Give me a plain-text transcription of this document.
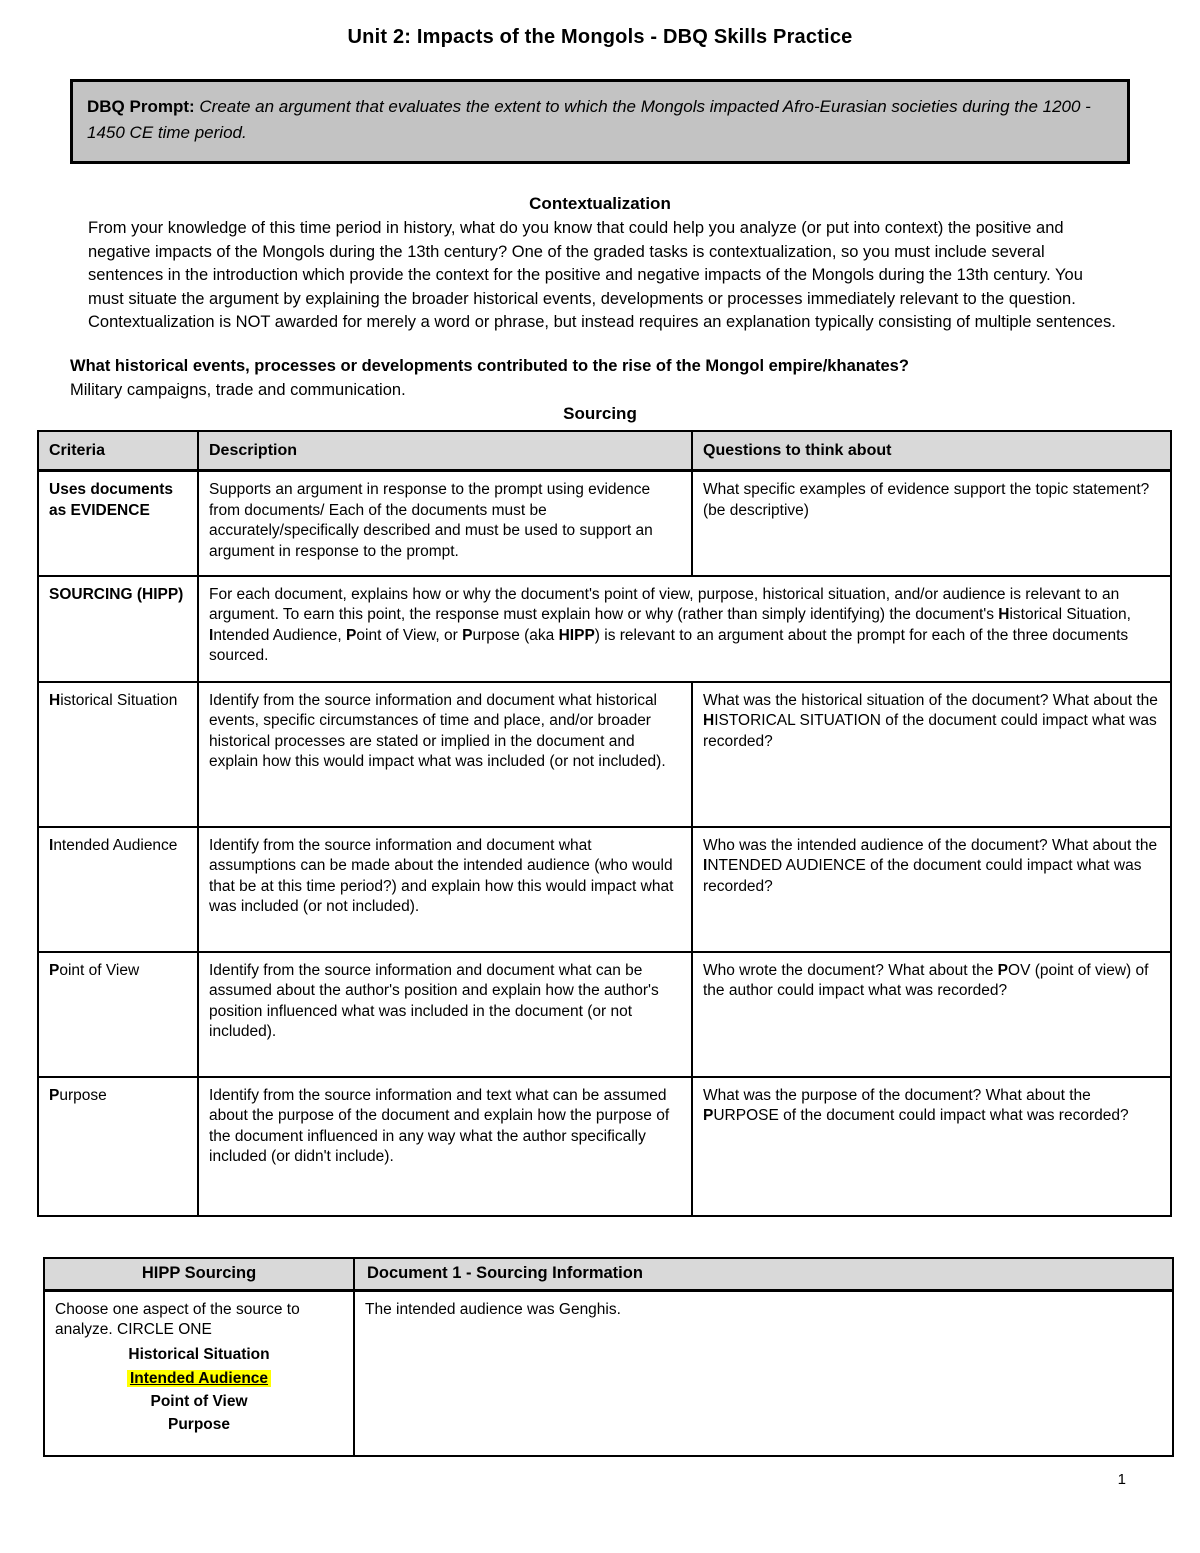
Unit 2: Impacts of the Mongols - DBQ Skills Practice
DBQ Prompt: Create an argument that evaluates the extent to which the Mongols impacted Afro-Eurasian societies during the 1200 - 1450 CE time period.
Contextualization
From your knowledge of this time period in history, what do you know that could help you analyze (or put into context) the positive and negative impacts of the Mongols during the 13th century? One of the graded tasks is contextualization, so you must include several sentences in the introduction which provide the context for the positive and negative impacts of the Mongols during the 13th century. You must situate the argument by explaining the broader historical events, developments or processes immediately relevant to the question. Contextualization is NOT awarded for merely a word or phrase, but instead requires an explanation typically consisting of multiple sentences.
What historical events, processes or developments contributed to the rise of the Mongol empire/khanates?
Military campaigns, trade and communication.
Sourcing
Criteria	Description	Questions to think about
Uses documents as EVIDENCE	Supports an argument in response to the prompt using evidence from documents/ Each of the documents must be accurately/specifically described and must be used to support an argument in response to the prompt.	What specific examples of evidence support the topic statement? (be descriptive)
SOURCING (HIPP)	For each document, explains how or why the document's point of view, purpose, historical situation, and/or audience is relevant to an argument. To earn this point, the response must explain how or why (rather than simply identifying) the document's Historical Situation, Intended Audience, Point of View, or Purpose (aka HIPP) is relevant to an argument about the prompt for each of the three documents sourced.	
Historical Situation	Identify from the source information and document what historical events, specific circumstances of time and place, and/or broader historical processes are stated or implied in the document and explain how this would impact what was included (or not included).	What was the historical situation of the document? What about the HISTORICAL SITUATION of the document could impact what was recorded?
Intended Audience	Identify from the source information and document what assumptions can be made about the intended audience (who would that be at this time period?) and explain how this would impact what was included (or not included).	Who was the intended audience of the document? What about the INTENDED AUDIENCE of the document could impact what was recorded?
Point of View	Identify from the source information and document what can be assumed about the author's position and explain how the author's position influenced what was included in the document (or not included).	Who wrote the document? What about the POV (point of view) of the author could impact what was recorded?
Purpose	Identify from the source information and text what can be assumed about the purpose of the document and explain how the purpose of the document influenced in any way what the author specifically included (or didn't include).	What was the purpose of the document? What about the PURPOSE of the document could impact what was recorded?
HIPP Sourcing	Document 1 - Sourcing Information

Choose one aspect of the source to analyze. CIRCLE ONE
Historical Situation
Intended Audience
Point of View
Purpose	The intended audience was Genghis.
1
